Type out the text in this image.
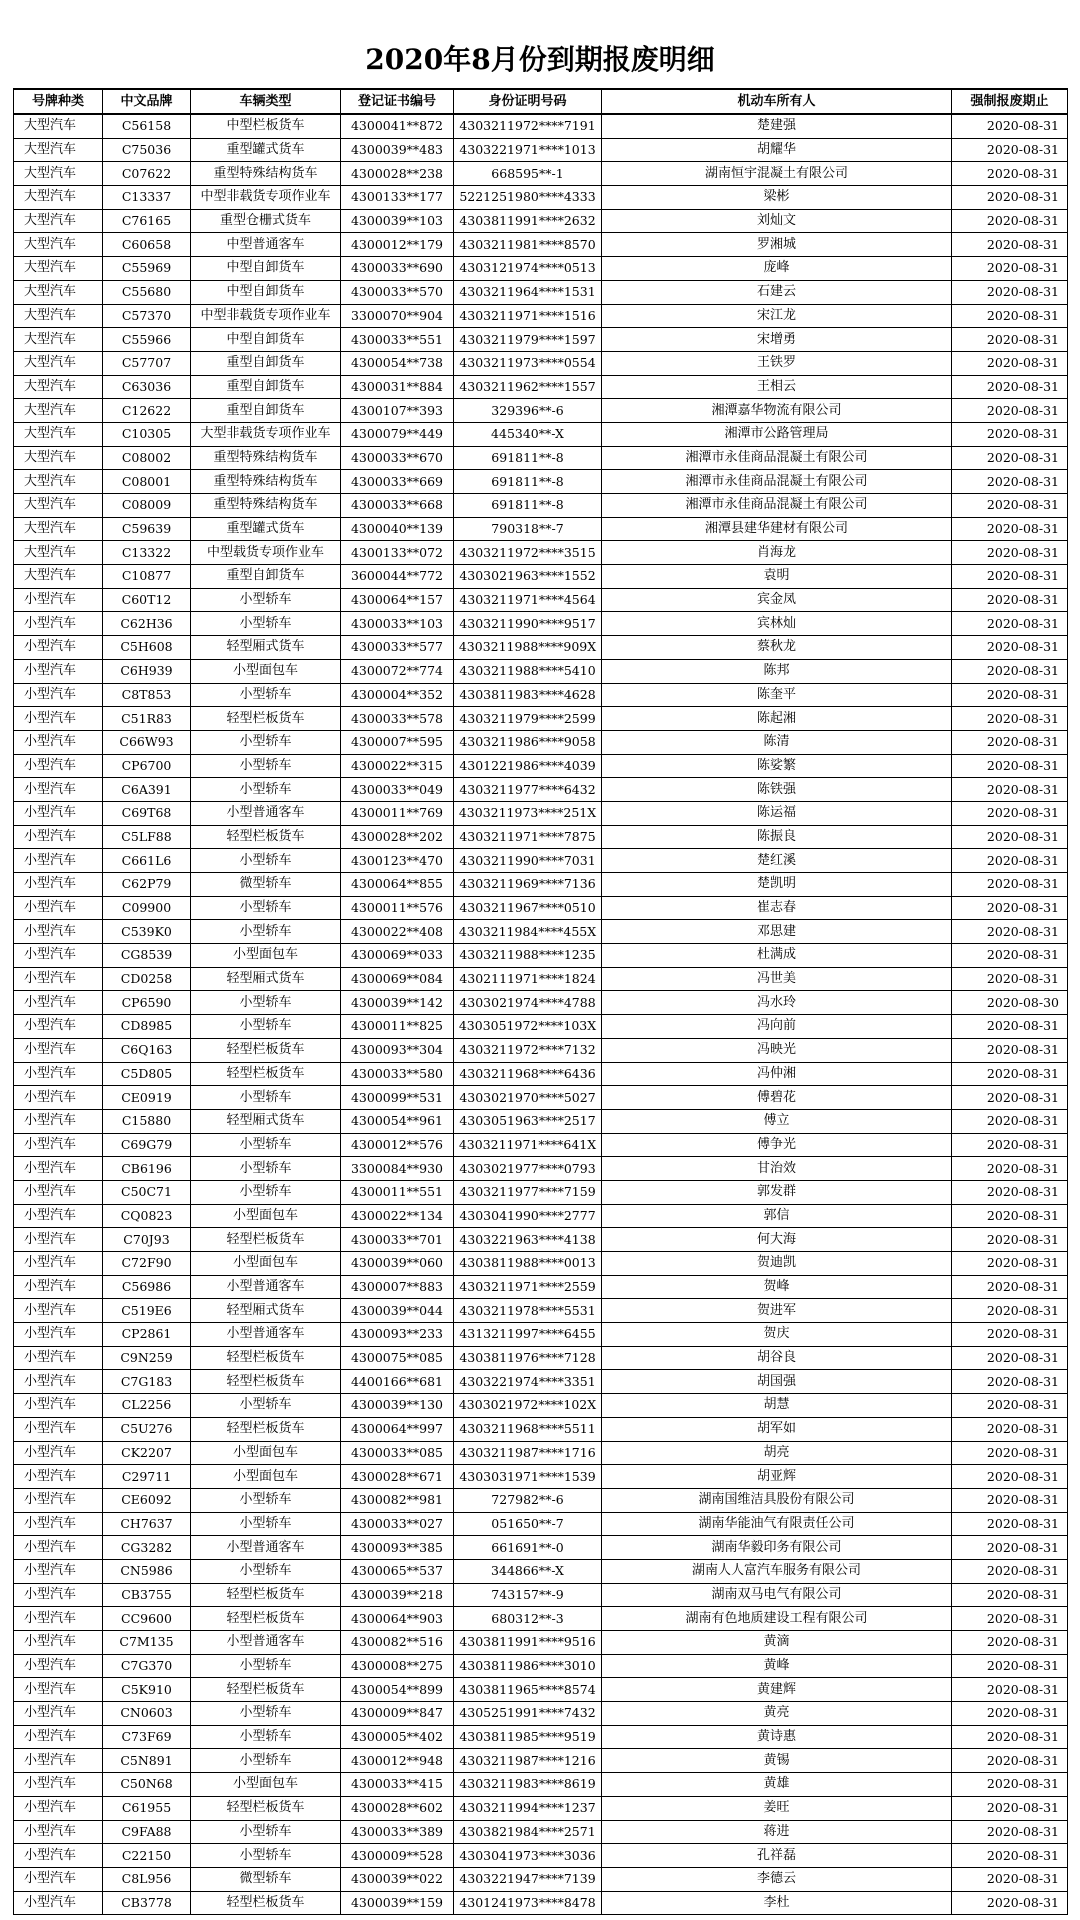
2020年8月份到期报废明细
号牌种类	中文品牌	车辆类型	登记证书编号	身份证明号码	机动车所有人	强制报废期止
大型汽车	C56158	中型栏板货车	4300041**872	4303211972****7191	楚建强	2020-08-31
大型汽车	C75036	重型罐式货车	4300039**483	4303221971****1013	胡耀华	2020-08-31
大型汽车	C07622	重型特殊结构货车	4300028**238	668595**-1	湖南恒宇混凝土有限公司	2020-08-31
大型汽车	C13337	中型非载货专项作业车	4300133**177	5221251980****4333	梁彬	2020-08-31
大型汽车	C76165	重型仓栅式货车	4300039**103	4303811991****2632	刘灿文	2020-08-31
大型汽车	C60658	中型普通客车	4300012**179	4303211981****8570	罗湘城	2020-08-31
大型汽车	C55969	中型自卸货车	4300033**690	4303121974****0513	庞峰	2020-08-31
大型汽车	C55680	中型自卸货车	4300033**570	4303211964****1531	石建云	2020-08-31
大型汽车	C57370	中型非载货专项作业车	3300070**904	4303211971****1516	宋江龙	2020-08-31
大型汽车	C55966	中型自卸货车	4300033**551	4303211979****1597	宋增勇	2020-08-31
大型汽车	C57707	重型自卸货车	4300054**738	4303211973****0554	王铁罗	2020-08-31
大型汽车	C63036	重型自卸货车	4300031**884	4303211962****1557	王相云	2020-08-31
大型汽车	C12622	重型自卸货车	4300107**393	329396**-6	湘潭嘉华物流有限公司	2020-08-31
大型汽车	C10305	大型非载货专项作业车	4300079**449	445340**-X	湘潭市公路管理局	2020-08-31
大型汽车	C08002	重型特殊结构货车	4300033**670	691811**-8	湘潭市永佳商品混凝土有限公司	2020-08-31
大型汽车	C08001	重型特殊结构货车	4300033**669	691811**-8	湘潭市永佳商品混凝土有限公司	2020-08-31
大型汽车	C08009	重型特殊结构货车	4300033**668	691811**-8	湘潭市永佳商品混凝土有限公司	2020-08-31
大型汽车	C59639	重型罐式货车	4300040**139	790318**-7	湘潭县建华建材有限公司	2020-08-31
大型汽车	C13322	中型载货专项作业车	4300133**072	4303211972****3515	肖海龙	2020-08-31
大型汽车	C10877	重型自卸货车	3600044**772	4303021963****1552	袁明	2020-08-31
小型汽车	C60T12	小型轿车	4300064**157	4303211971****4564	宾金凤	2020-08-31
小型汽车	C62H36	小型轿车	4300033**103	4303211990****9517	宾林灿	2020-08-31
小型汽车	C5H608	轻型厢式货车	4300033**577	4303211988****909X	蔡秋龙	2020-08-31
小型汽车	C6H939	小型面包车	4300072**774	4303211988****5410	陈邦	2020-08-31
小型汽车	C8T853	小型轿车	4300004**352	4303811983****4628	陈奎平	2020-08-31
小型汽车	C51R83	轻型栏板货车	4300033**578	4303211979****2599	陈起湘	2020-08-31
小型汽车	C66W93	小型轿车	4300007**595	4303211986****9058	陈清	2020-08-31
小型汽车	CP6700	小型轿车	4300022**315	4301221986****4039	陈娑繁	2020-08-31
小型汽车	C6A391	小型轿车	4300033**049	4303211977****6432	陈铁强	2020-08-31
小型汽车	C69T68	小型普通客车	4300011**769	4303211973****251X	陈运福	2020-08-31
小型汽车	C5LF88	轻型栏板货车	4300028**202	4303211971****7875	陈振良	2020-08-31
小型汽车	C661L6	小型轿车	4300123**470	4303211990****7031	楚红溪	2020-08-31
小型汽车	C62P79	微型轿车	4300064**855	4303211969****7136	楚凯明	2020-08-31
小型汽车	C09900	小型轿车	4300011**576	4303211967****0510	崔志春	2020-08-31
小型汽车	C539K0	小型轿车	4300022**408	4303211984****455X	邓思建	2020-08-31
小型汽车	CG8539	小型面包车	4300069**033	4303211988****1235	杜满成	2020-08-31
小型汽车	CD0258	轻型厢式货车	4300069**084	4302111971****1824	冯世美	2020-08-31
小型汽车	CP6590	小型轿车	4300039**142	4303021974****4788	冯水玲	2020-08-30
小型汽车	CD8985	小型轿车	4300011**825	4303051972****103X	冯向前	2020-08-31
小型汽车	C6Q163	轻型栏板货车	4300093**304	4303211972****7132	冯映光	2020-08-31
小型汽车	C5D805	轻型栏板货车	4300033**580	4303211968****6436	冯仲湘	2020-08-31
小型汽车	CE0919	小型轿车	4300099**531	4303021970****5027	傅碧花	2020-08-31
小型汽车	C15880	轻型厢式货车	4300054**961	4303051963****2517	傅立	2020-08-31
小型汽车	C69G79	小型轿车	4300012**576	4303211971****641X	傅争光	2020-08-31
小型汽车	CB6196	小型轿车	3300084**930	4303021977****0793	甘治效	2020-08-31
小型汽车	C50C71	小型轿车	4300011**551	4303211977****7159	郭发群	2020-08-31
小型汽车	CQ0823	小型面包车	4300022**134	4303041990****2777	郭信	2020-08-31
小型汽车	C70J93	轻型栏板货车	4300033**701	4303221963****4138	何大海	2020-08-31
小型汽车	C72F90	小型面包车	4300039**060	4303811988****0013	贺迪凯	2020-08-31
小型汽车	C56986	小型普通客车	4300007**883	4303211971****2559	贺峰	2020-08-31
小型汽车	C519E6	轻型厢式货车	4300039**044	4303211978****5531	贺进军	2020-08-31
小型汽车	CP2861	小型普通客车	4300093**233	4313211997****6455	贺庆	2020-08-31
小型汽车	C9N259	轻型栏板货车	4300075**085	4303811976****7128	胡谷良	2020-08-31
小型汽车	C7G183	轻型栏板货车	4400166**681	4303221974****3351	胡国强	2020-08-31
小型汽车	CL2256	小型轿车	4300039**130	4303021972****102X	胡慧	2020-08-31
小型汽车	C5U276	轻型栏板货车	4300064**997	4303211968****5511	胡军如	2020-08-31
小型汽车	CK2207	小型面包车	4300033**085	4303211987****1716	胡亮	2020-08-31
小型汽车	C29711	小型面包车	4300028**671	4303031971****1539	胡亚辉	2020-08-31
小型汽车	CE6092	小型轿车	4300082**981	727982**-6	湖南国维洁具股份有限公司	2020-08-31
小型汽车	CH7637	小型轿车	4300033**027	051650**-7	湖南华能油气有限责任公司	2020-08-31
小型汽车	CG3282	小型普通客车	4300093**385	661691**-0	湖南华毅印务有限公司	2020-08-31
小型汽车	CN5986	小型轿车	4300065**537	344866**-X	湖南人人富汽车服务有限公司	2020-08-31
小型汽车	CB3755	轻型栏板货车	4300039**218	743157**-9	湖南双马电气有限公司	2020-08-31
小型汽车	CC9600	轻型栏板货车	4300064**903	680312**-3	湖南有色地质建设工程有限公司	2020-08-31
小型汽车	C7M135	小型普通客车	4300082**516	4303811991****9516	黄滴	2020-08-31
小型汽车	C7G370	小型轿车	4300008**275	4303811986****3010	黄峰	2020-08-31
小型汽车	C5K910	轻型栏板货车	4300054**899	4303811965****8574	黄建辉	2020-08-31
小型汽车	CN0603	小型轿车	4300009**847	4305251991****7432	黄亮	2020-08-31
小型汽车	C73F69	小型轿车	4300005**402	4303811985****9519	黄诗惠	2020-08-31
小型汽车	C5N891	小型轿车	4300012**948	4303211987****1216	黄锡	2020-08-31
小型汽车	C50N68	小型面包车	4300033**415	4303211983****8619	黄雄	2020-08-31
小型汽车	C61955	轻型栏板货车	4300028**602	4303211994****1237	姜旺	2020-08-31
小型汽车	C9FA88	小型轿车	4300033**389	4303821984****2571	蒋进	2020-08-31
小型汽车	C22150	小型轿车	4300009**528	4303041973****3036	孔祥磊	2020-08-31
小型汽车	C8L956	微型轿车	4300039**022	4303221947****7139	李德云	2020-08-31
小型汽车	CB3778	轻型栏板货车	4300039**159	4301241973****8478	李杜	2020-08-31
